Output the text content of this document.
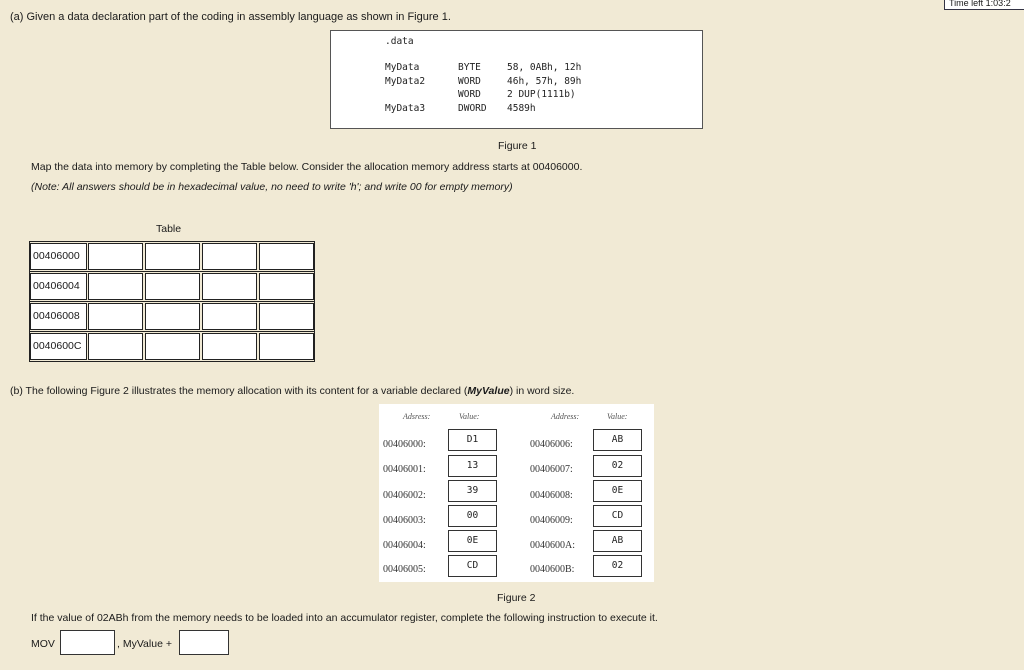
Time left 1:03:2
(a) Given a data declaration part of the coding in assembly language as shown in Figure 1.
.data
MyData	BYTE	58, 0ABh, 12h
MyData2	WORD	46h, 57h, 89h
WORD	2 DUP(1111b)
MyData3	DWORD 4589h
Figure 1
Map the data into memory by completing the Table below. Consider the allocation memory address starts at 00406000.
(Note: All answers should be in hexadecimal value, no need to write 'h'; and write 00 for empty memory)
Table
00406000
00406004
00406008
0040600C
(b) The following Figure 2 illustrates the memory allocation with its content for a variable declared (MyValue) in word size.
Adsress:	Value:	Address:	Value:
00406000:	D1
00406001:	13
00406002:	39
00406003:	00
00406004:	0E
00406005:	CD
00406006:	AB
00406007:	02
00406008:	0E
00406009:	CD
0040600A:	AB
0040600B:	02
Figure 2
If the value of 02ABh from the memory needs to be loaded into an accumulator register, complete the following instruction to execute it.
MOV	, MyValue +
